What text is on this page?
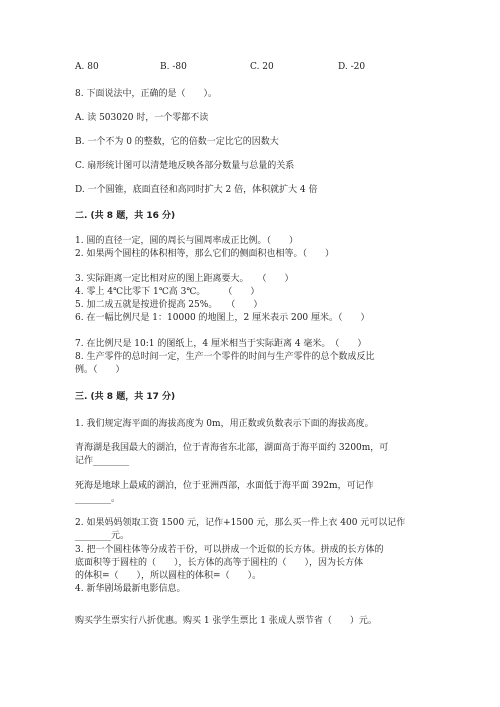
A. 80	B. -80	C. 20	D. -20
8. 下面说法中，正确的是（　　）。
A. 读 503020 时，一个零都不读
B. 一个不为 0 的整数，它的倍数一定比它的因数大
C. 扇形统计图可以清楚地反映各部分数量与总量的关系
D. 一个圆锥，底面直径和高同时扩大 2 倍，体积就扩大 4 倍
二. (共 8 题，共 16 分)
1. 圆的直径一定，圆的周长与圆周率成正比例。（　　）
2. 如果两个圆柱的体积相等，那么它们的侧面积也相等。（　　）
3. 实际距离一定比相对应的图上距离要大。　　（　　）
4. 零上 4℃比零下 1℃高 3℃。　　　（　　）
5. 加二成五就是按进价提高 25%。　　（　　）
6. 在一幅比例尺是 1：10000 的地图上，2 厘米表示 200 厘米。（　　）
7. 在比例尺是 10:1 的图纸上，4 厘米相当于实际距离 4 毫米。　（　　）
8. 生产零件的总时间一定，生产一个零件的时间与生产零件的总个数成反比
例。（　　）
三. (共 8 题，共 17 分)
1. 我们规定海平面的海拔高度为 0m，用正数或负数表示下面的海拔高度。
青海湖是我国最大的湖泊，位于青海省东北部，湖面高于海平面约 3200m，可
记作________
死海是地球上最咸的湖泊，位于亚洲西部，水面低于海平面 392m，可记作
________。
2. 如果妈妈领取工资 1500 元，记作+1500 元，那么买一件上衣 400 元可以记作
________元。
3. 把一个圆柱体等分成若干份，可以拼成一个近似的长方体。拼成的长方体的
底面积等于圆柱的（　　），长方体的高等于圆柱的（　　），因为长方体
的体积=（　　），所以圆柱的体积=（　　）。
4. 新华剧场最新电影信息。
购买学生票实行八折优惠。购买 1 张学生票比 1 张成人票节省（　　）元。
